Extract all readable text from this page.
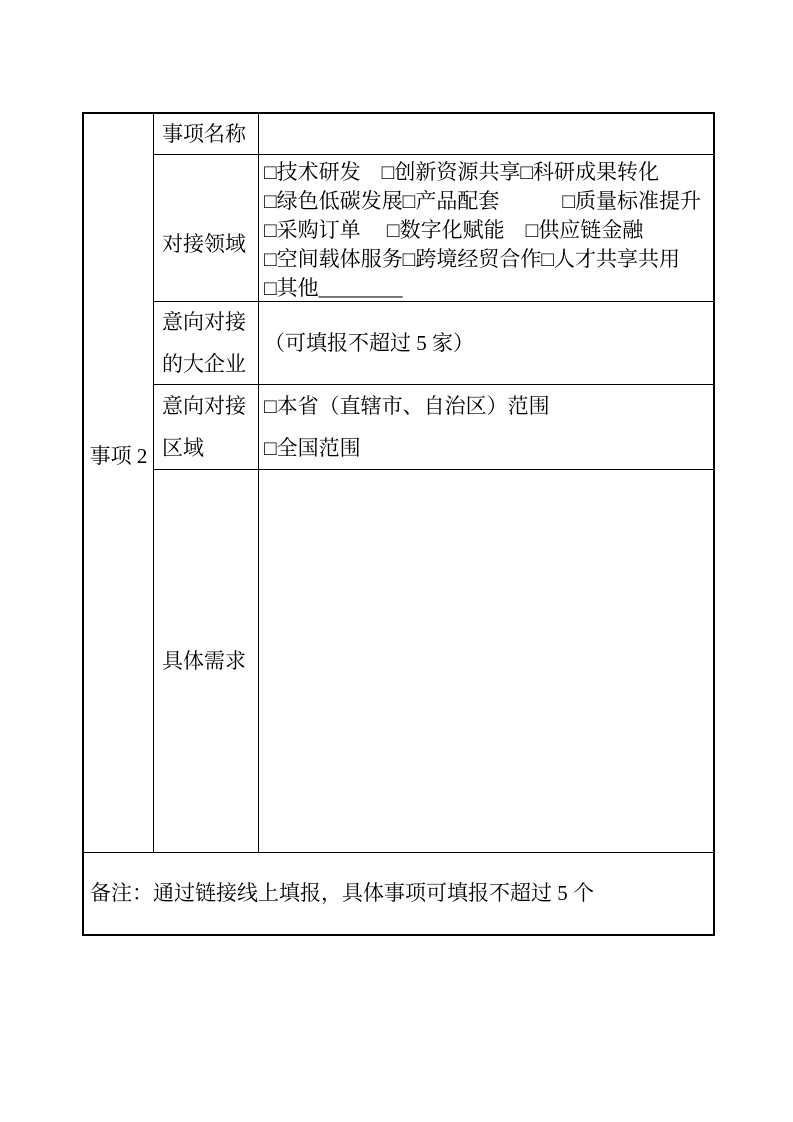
事项 2
事项名称
对接领域
□技术研发　□创新资源共享□科研成果转化
□绿色低碳发展□产品配套　　　□质量标准提升
□采购订单　 □数字化赋能　□供应链金融
□空间载体服务□跨境经贸合作□人才共享共用
□其他________
意向对接的大企业
（可填报不超过 5 家）
意向对接区域
□本省（直辖市、自治区）范围
□全国范围
具体需求
备注：通过链接线上填报，具体事项可填报不超过 5 个
